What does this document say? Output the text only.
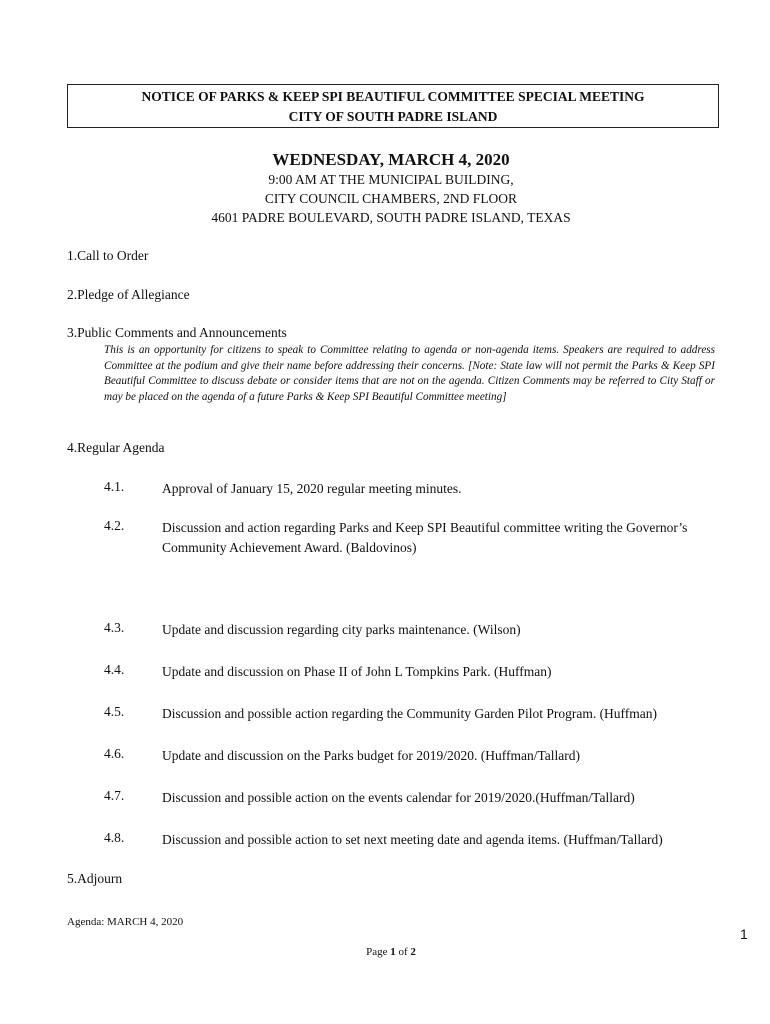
NOTICE OF PARKS & KEEP SPI BEAUTIFUL COMMITTEE SPECIAL MEETING
CITY OF SOUTH PADRE ISLAND
WEDNESDAY, MARCH 4, 2020
9:00 AM AT THE MUNICIPAL BUILDING,
CITY COUNCIL CHAMBERS, 2ND FLOOR
4601 PADRE BOULEVARD, SOUTH PADRE ISLAND, TEXAS
1.Call to Order
2.Pledge of Allegiance
3.Public Comments and Announcements
This is an opportunity for citizens to speak to Committee relating to agenda or non-agenda items. Speakers are required to address Committee at the podium and give their name before addressing their concerns. [Note: State law will not permit the Parks & Keep SPI Beautiful Committee to discuss debate or consider items that are not on the agenda. Citizen Comments may be referred to City Staff or may be placed on the agenda of a future Parks & Keep SPI Beautiful Committee meeting]
4.Regular Agenda
4.1.	Approval of January 15, 2020 regular meeting minutes.
4.2.	Discussion and action regarding Parks and Keep SPI Beautiful committee writing the Governor’s Community Achievement Award. (Baldovinos)
4.3.	Update and discussion regarding city parks maintenance. (Wilson)
4.4.	Update and discussion on Phase II of John L Tompkins Park. (Huffman)
4.5.	Discussion and possible action regarding the Community Garden Pilot Program. (Huffman)
4.6.	Update and discussion on the Parks budget for 2019/2020. (Huffman/Tallard)
4.7.	Discussion and possible action on the events calendar for 2019/2020.(Huffman/Tallard)
4.8.	Discussion and possible action to set next meeting date and agenda items. (Huffman/Tallard)
5.Adjourn
Agenda: MARCH 4, 2020
1
Page 1 of 2
